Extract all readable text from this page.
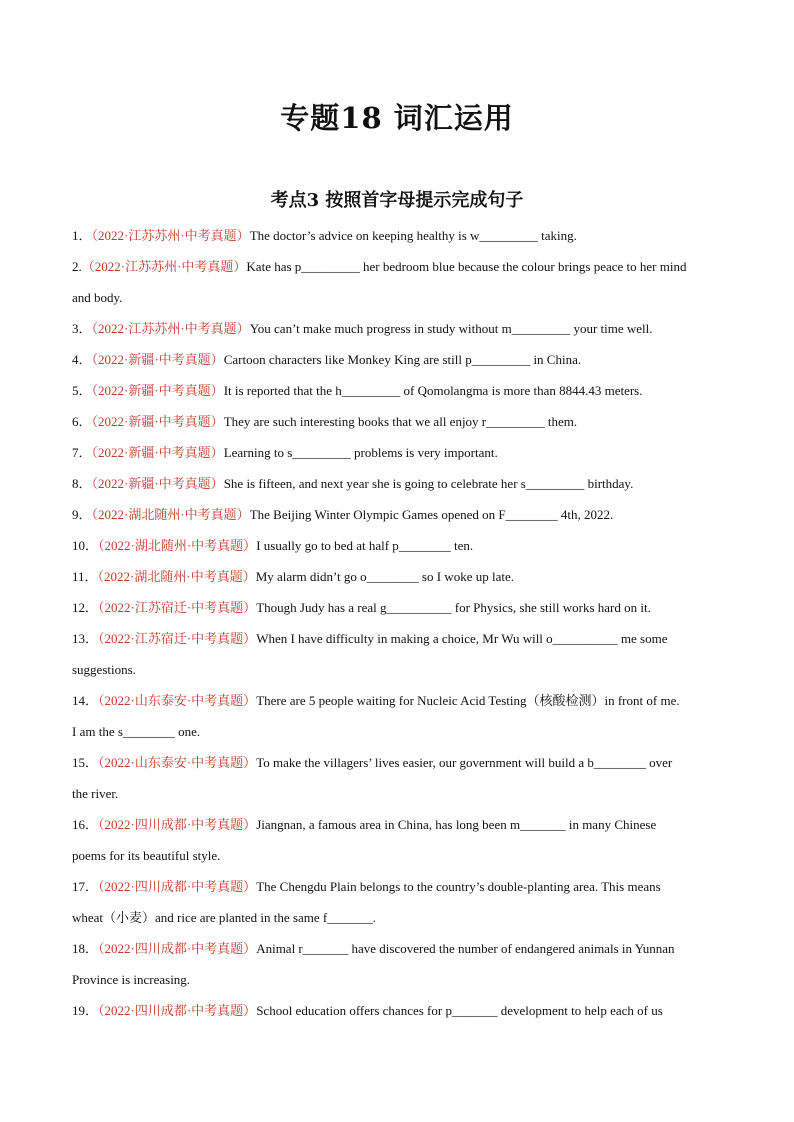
专题18 词汇运用
考点3 按照首字母提示完成句子
1．（2022·江苏苏州·中考真题）The doctor’s advice on keeping healthy is w_________ taking.
2.（2022·江苏苏州·中考真题）Kate has p_________ her bedroom blue because the colour brings peace to her mind
and body.
3．（2022·江苏苏州·中考真题）You can’t make much progress in study without m_________ your time well.
4．（2022·新疆·中考真题）Cartoon characters like Monkey King are still p_________ in China.
5．（2022·新疆·中考真题）It is reported that the h_________ of Qomolangma is more than 8844.43 meters.
6．（2022·新疆·中考真题）They are such interesting books that we all enjoy r_________ them.
7．（2022·新疆·中考真题）Learning to s_________ problems is very important.
8．（2022·新疆·中考真题）She is fifteen, and next year she is going to celebrate her s_________ birthday.
9．（2022·湖北随州·中考真题）The Beijing Winter Olympic Games opened on F________ 4th, 2022.
10．（2022·湖北随州·中考真题）I usually go to bed at half p________ ten.
11．（2022·湖北随州·中考真题）My alarm didn’t go o________ so I woke up late.
12．（2022·江苏宿迁·中考真题）Though Judy has a real g__________ for Physics, she still works hard on it.
13．（2022·江苏宿迁·中考真题）When I have difficulty in making a choice, Mr Wu will o__________ me some
suggestions.
14．（2022·山东泰安·中考真题）There are 5 people waiting for Nucleic Acid Testing（核酸检测）in front of me.
I am the s________ one.
15．（2022·山东泰安·中考真题）To make the villagers’ lives easier, our government will build a b________ over
the river.
16．（2022·四川成都·中考真题）Jiangnan, a famous area in China, has long been m_______ in many Chinese
poems for its beautiful style.
17．（2022·四川成都·中考真题）The Chengdu Plain belongs to the country’s double-planting area. This means
wheat（小麦）and rice are planted in the same f_______.
18．（2022·四川成都·中考真题）Animal r_______ have discovered the number of endangered animals in Yunnan
Province is increasing.
19．（2022·四川成都·中考真题）School education offers chances for p_______ development to help each of us
